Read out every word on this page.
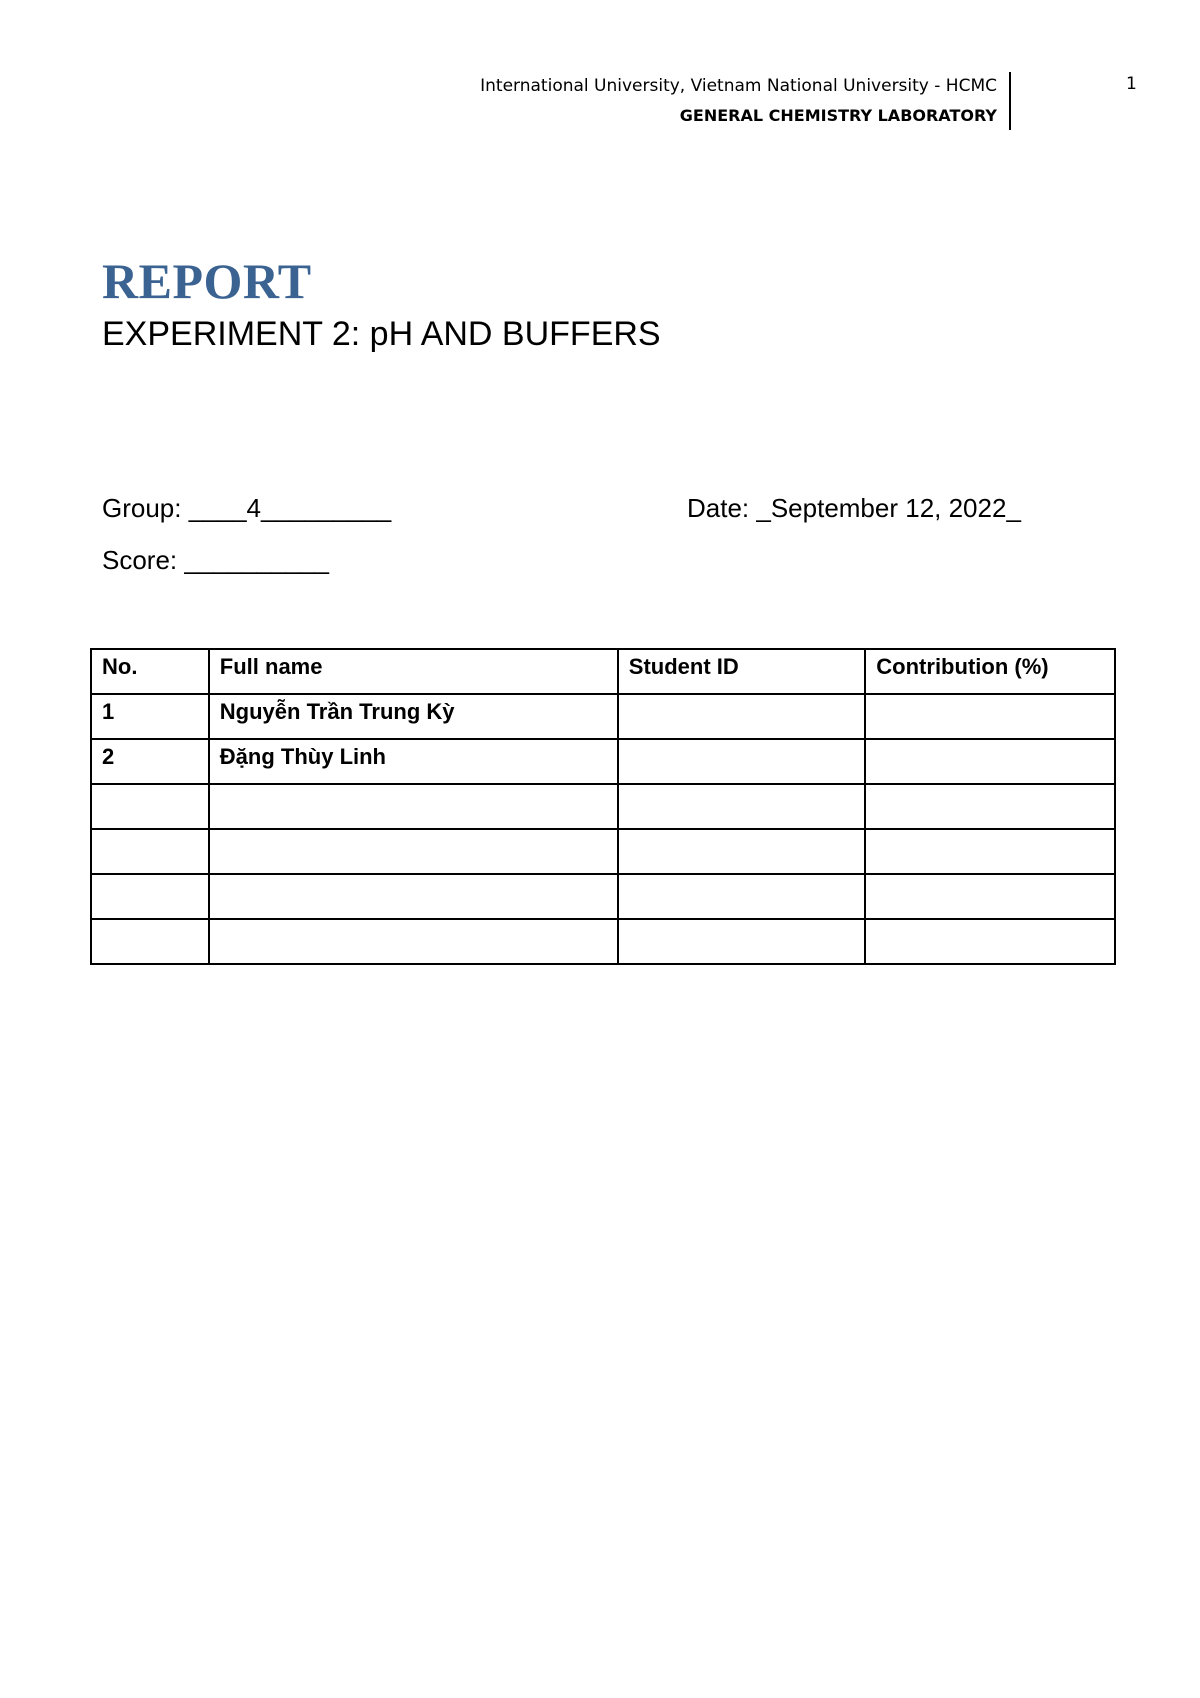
International University, Vietnam National University - HCMC
GENERAL CHEMISTRY LABORATORY
1
REPORT
EXPERIMENT 2: pH AND BUFFERS
Group: ____4_________	Date: _September 12, 2022_
Score: __________
No.	Full name	Student ID	Contribution (%)
1	Nguyễn Trần Trung Kỳ		
2	Đặng Thùy Linh		
